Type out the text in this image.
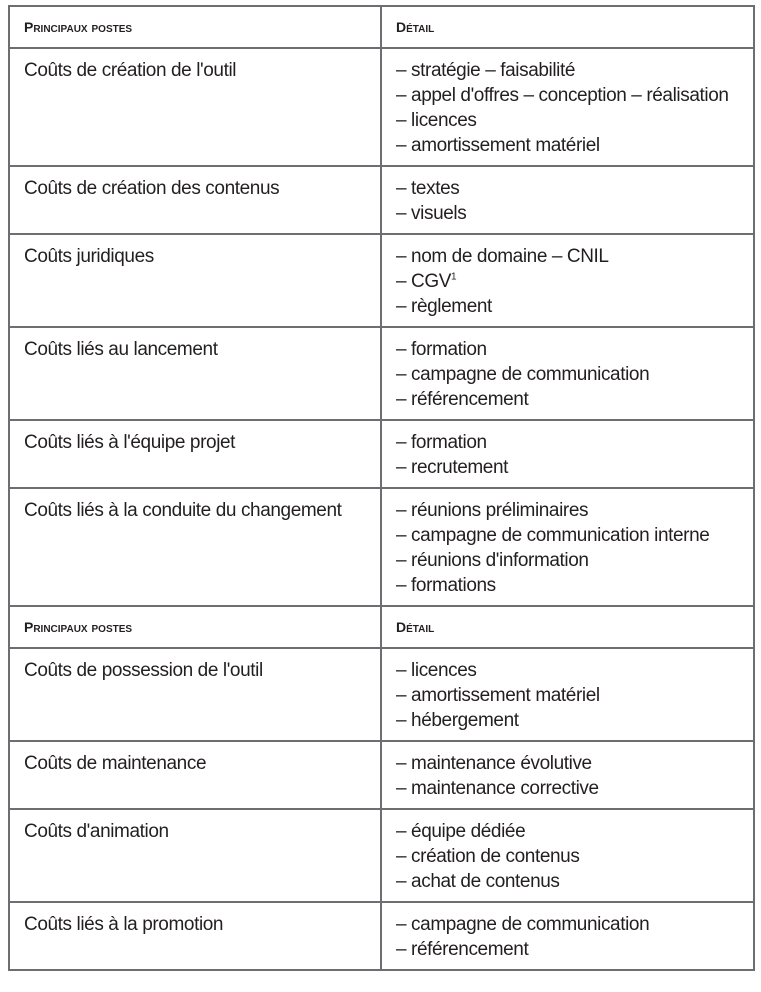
Principaux postes	Détail
Coûts de création de l'outil	– stratégie – faisabilité
– appel d'offres – conception – réalisation
– licences
– amortissement matériel

Coûts de création des contenus	– textes
– visuels

Coûts juridiques	– nom de domaine – CNIL
– CGV$^1$
– règlement

Coûts liés au lancement	– formation
– campagne de communication
– référencement

Coûts liés à l'équipe projet	– formation
– recrutement

Coûts liés à la conduite du changement	– réunions préliminaires
– campagne de communication interne
– réunions d'information
– formations

Principaux postes	Détail
Coûts de possession de l'outil	– licences
– amortissement matériel
– hébergement

Coûts de maintenance	– maintenance évolutive
– maintenance corrective

Coûts d'animation	– équipe dédiée
– création de contenus
– achat de contenus

Coûts liés à la promotion	– campagne de communication
– référencement
